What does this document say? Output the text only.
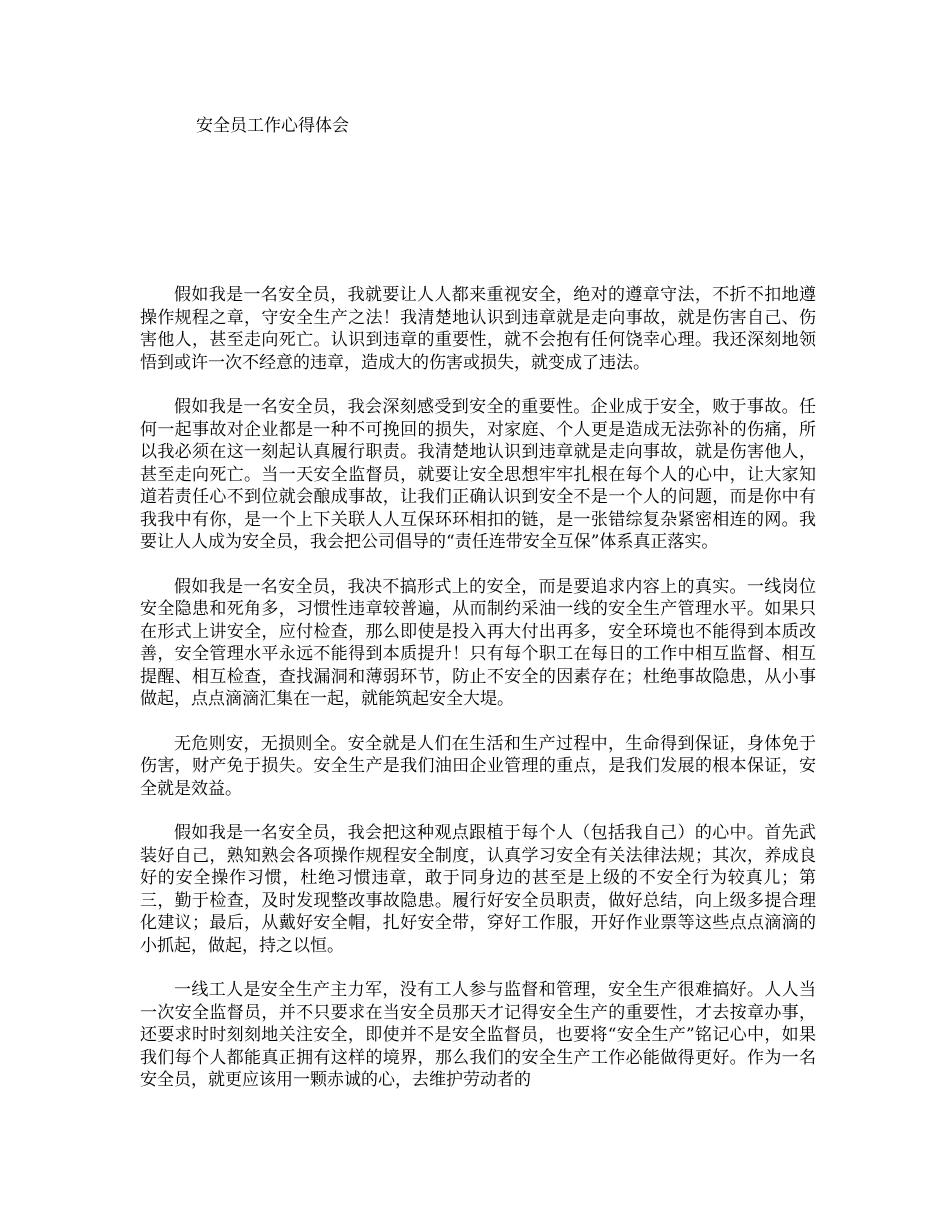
安全员工作心得体会

假如我是一名安全员，我就要让人人都来重视安全，绝对的遵章守法，不折不扣地遵操作规程之章，守安全生产之法！我清楚地认识到违章就是走向事故，就是伤害自己、伤害他人，甚至走向死亡。认识到违章的重要性，就不会抱有任何饶幸心理。我还深刻地领悟到或许一次不经意的违章，造成大的伤害或损失，就变成了违法。

假如我是一名安全员，我会深刻感受到安全的重要性。企业成于安全，败于事故。任何一起事故对企业都是一种不可挽回的损失，对家庭、个人更是造成无法弥补的伤痛，所以我必须在这一刻起认真履行职责。我清楚地认识到违章就是走向事故，就是伤害他人，甚至走向死亡。当一天安全监督员，就要让安全思想牢牢扎根在每个人的心中，让大家知道若责任心不到位就会酿成事故，让我们正确认识到安全不是一个人的问题，而是你中有我我中有你，是一个上下关联人人互保环环相扣的链，是一张错综复杂紧密相连的网。我要让人人成为安全员，我会把公司倡导的“责任连带安全互保”体系真正落实。

假如我是一名安全员，我决不搞形式上的安全，而是要追求内容上的真实。一线岗位安全隐患和死角多，习惯性违章较普遍，从而制约采油一线的安全生产管理水平。如果只在形式上讲安全，应付检查，那么即使是投入再大付出再多，安全环境也不能得到本质改善，安全管理水平永远不能得到本质提升！只有每个职工在每日的工作中相互监督、相互提醒、相互检查，查找漏洞和薄弱环节，防止不安全的因素存在；杜绝事故隐患，从小事做起，点点滴滴汇集在一起，就能筑起安全大堤。

无危则安，无损则全。安全就是人们在生活和生产过程中，生命得到保证，身体免于伤害，财产免于损失。安全生产是我们油田企业管理的重点，是我们发展的根本保证，安全就是效益。

假如我是一名安全员，我会把这种观点跟植于每个人（包括我自己）的心中。首先武装好自己，熟知熟会各项操作规程安全制度，认真学习安全有关法律法规；其次，养成良好的安全操作习惯，杜绝习惯违章，敢于同身边的甚至是上级的不安全行为较真儿；第三，勤于检查，及时发现整改事故隐患。履行好安全员职责，做好总结，向上级多提合理化建议；最后，从戴好安全帽，扎好安全带，穿好工作服，开好作业票等这些点点滴滴的小抓起，做起，持之以恒。

一线工人是安全生产主力军，没有工人参与监督和管理，安全生产很难搞好。人人当一次安全监督员，并不只要求在当安全员那天才记得安全生产的重要性，才去按章办事，还要求时时刻刻地关注安全，即使并不是安全监督员，也要将“安全生产”铭记心中，如果我们每个人都能真正拥有这样的境界，那么我们的安全生产工作必能做得更好。作为一名安全员，就更应该用一颗赤诚的心，去维护劳动者的
